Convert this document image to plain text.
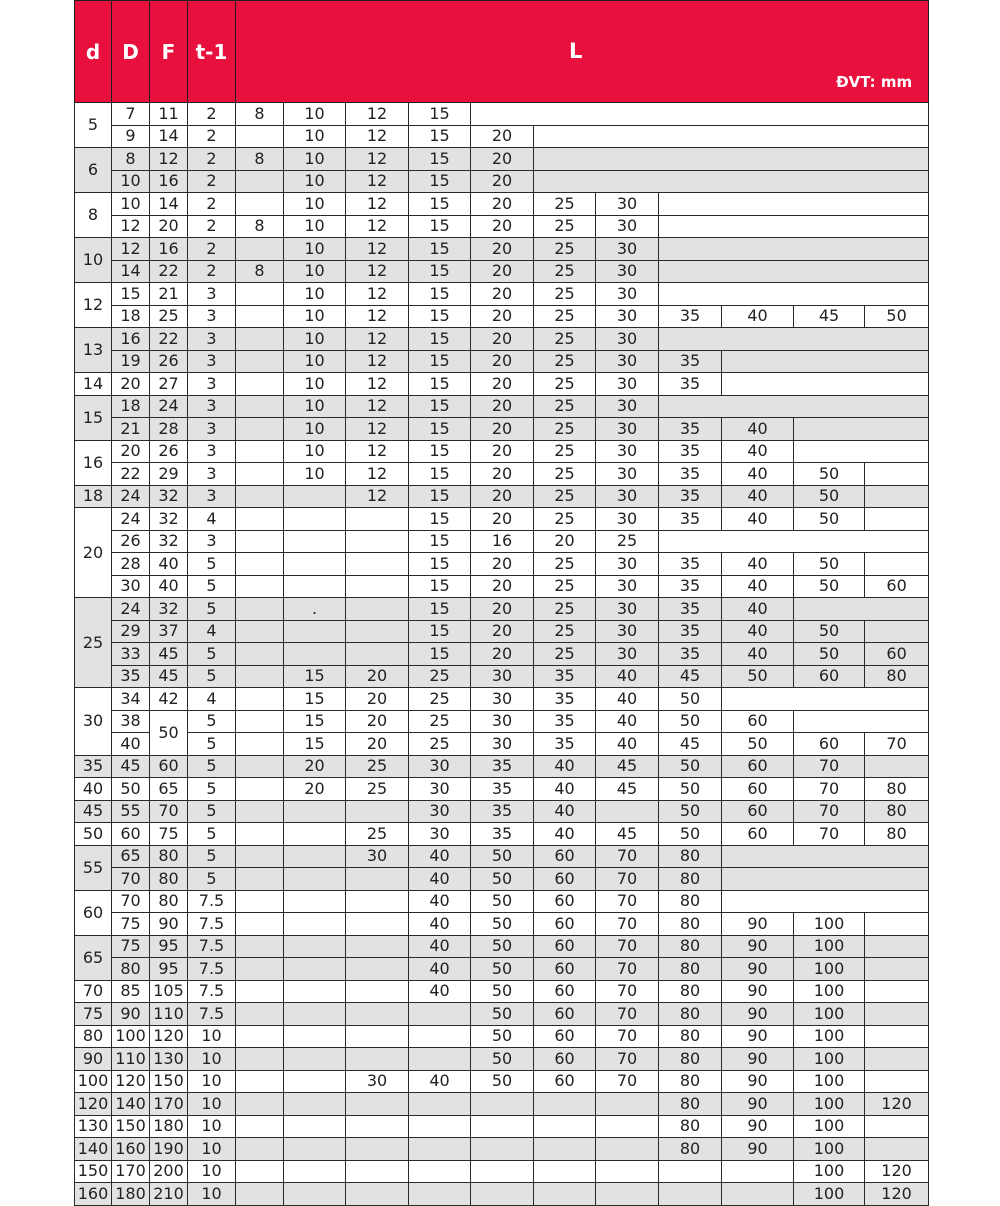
d	D	F	t-1	L
ĐVT: mm										

5	7	11	2	8	10	12	15							
	9	14	2		10	12	15	20						
6	8	12	2	8	10	12	15	20						
	10	16	2		10	12	15	20						
8	10	14	2		10	12	15	20	25	30				
	12	20	2	8	10	12	15	20	25	30				
10	12	16	2		10	12	15	20	25	30				
	14	22	2	8	10	12	15	20	25	30				
12	15	21	3		10	12	15	20	25	30				
	18	25	3		10	12	15	20	25	30	35	40	45	50
13	16	22	3		10	12	15	20	25	30				
	19	26	3		10	12	15	20	25	30	35			
14	20	27	3		10	12	15	20	25	30	35			
15	18	24	3		10	12	15	20	25	30				
	21	28	3		10	12	15	20	25	30	35	40		
16	20	26	3		10	12	15	20	25	30	35	40		
	22	29	3		10	12	15	20	25	30	35	40	50	
18	24	32	3			12	15	20	25	30	35	40	50	
20	24	32	4				15	20	25	30	35	40	50	
	26	32	3				15	16	20	25				
	28	40	5				15	20	25	30	35	40	50	
	30	40	5				15	20	25	30	35	40	50	60
25	24	32	5		.		15	20	25	30	35	40		
	29	37	4				15	20	25	30	35	40	50	
	33	45	5				15	20	25	30	35	40	50	60
	35	45	5		15	20	25	30	35	40	45	50	60	80
30	34	42	4		15	20	25	30	35	40	50			
	38	50	5		15	20	25	30	35	40	50	60		
	40		5		15	20	25	30	35	40	45	50	60	70
35	45	60	5		20	25	30	35	40	45	50	60	70	
40	50	65	5		20	25	30	35	40	45	50	60	70	80
45	55	70	5				30	35	40		50	60	70	80
50	60	75	5			25	30	35	40	45	50	60	70	80
55	65	80	5			30	40	50	60	70	80			
	70	80	5				40	50	60	70	80			
60	70	80	7.5				40	50	60	70	80			
	75	90	7.5				40	50	60	70	80	90	100	
65	75	95	7.5				40	50	60	70	80	90	100	
	80	95	7.5				40	50	60	70	80	90	100	
70	85	105	7.5				40	50	60	70	80	90	100	
75	90	110	7.5					50	60	70	80	90	100	
80	100	120	10					50	60	70	80	90	100	
90	110	130	10					50	60	70	80	90	100	
100	120	150	10			30	40	50	60	70	80	90	100	
120	140	170	10								80	90	100	120
130	150	180	10								80	90	100	
140	160	190	10								80	90	100	
150	170	200	10										100	120
160	180	210	10										100	120
